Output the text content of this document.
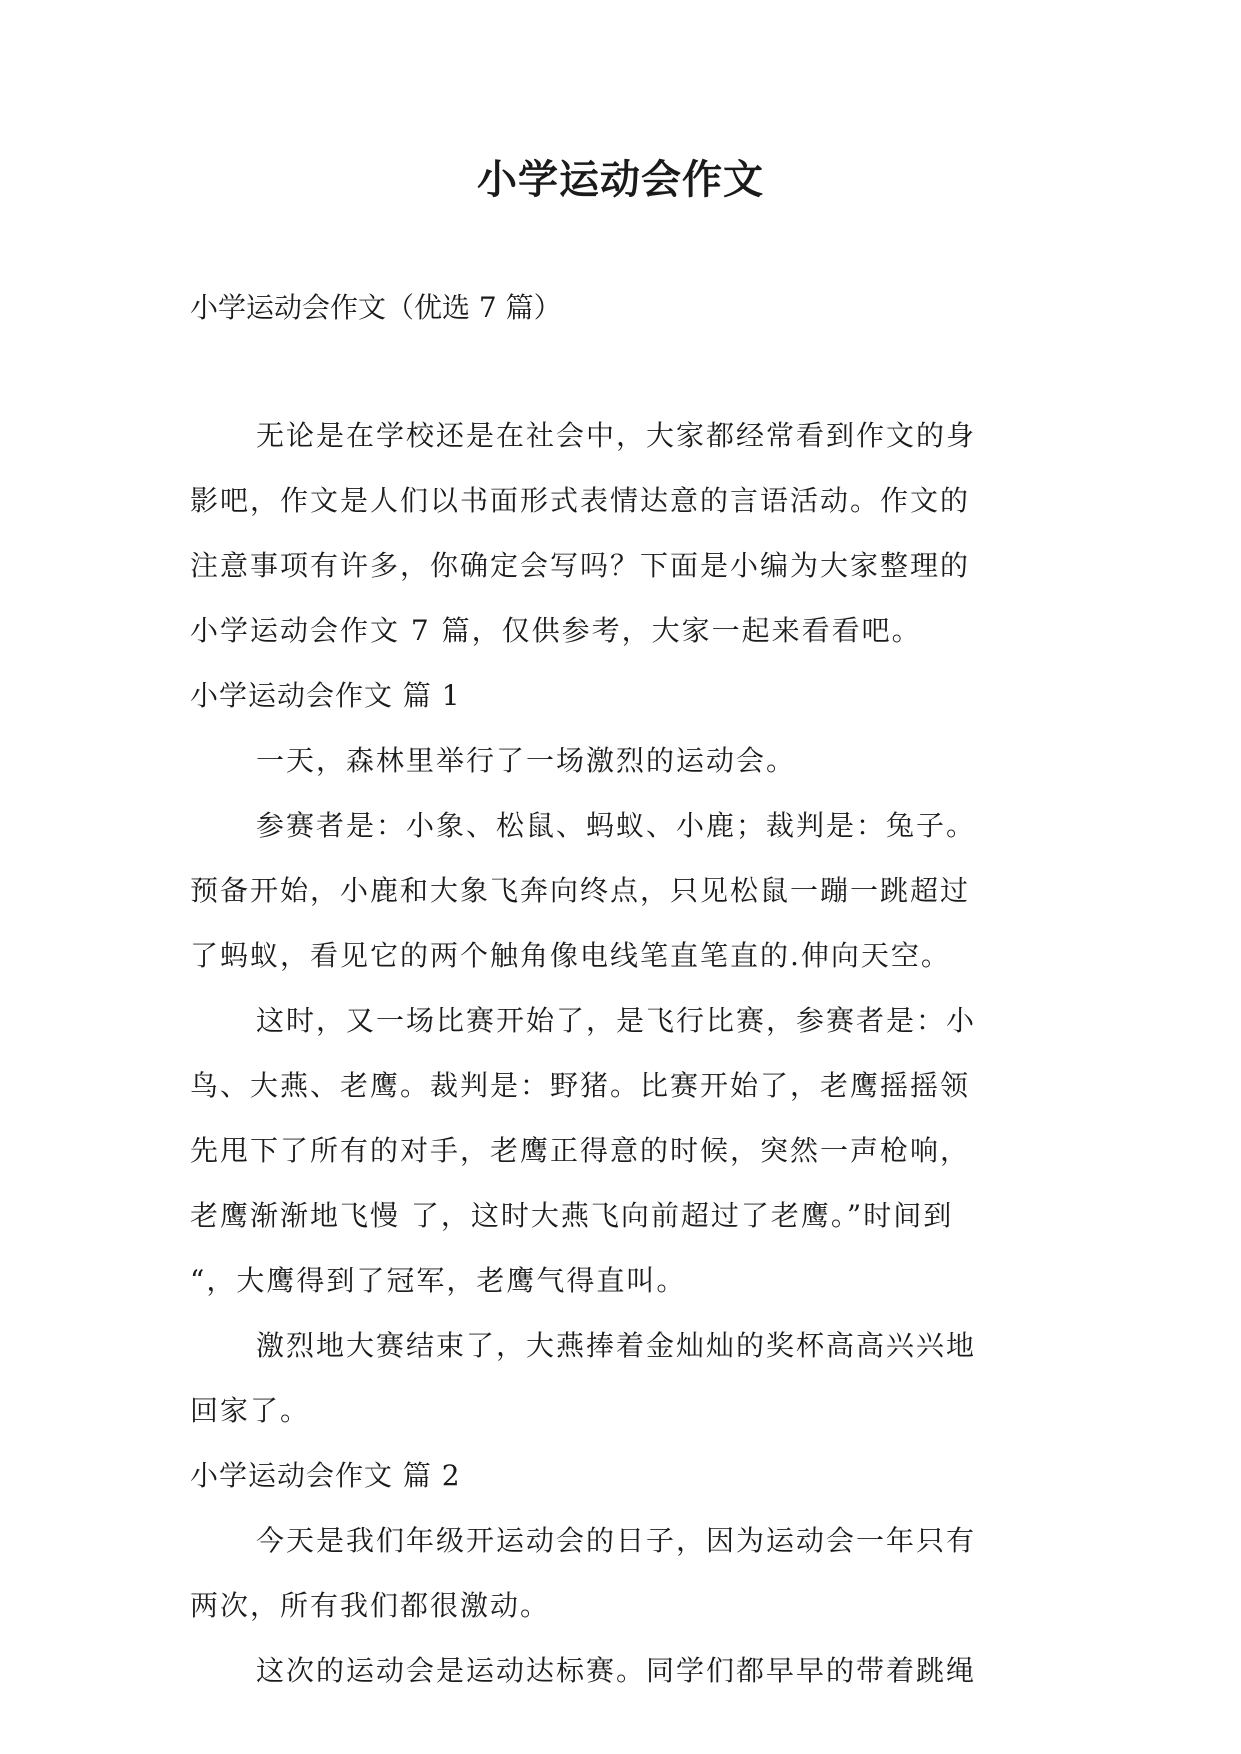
小学运动会作文

小学运动会作文（优选 7 篇）

无论是在学校还是在社会中，大家都经常看到作文的身
影吧，作文是人们以书面形式表情达意的言语活动。作文的
注意事项有许多，你确定会写吗？下面是小编为大家整理的
小学运动会作文 7 篇，仅供参考，大家一起来看看吧。
小学运动会作文 篇 1
一天，森林里举行了一场激烈的运动会。
参赛者是：小象、松鼠、蚂蚁、小鹿；裁判是：兔子。
预备开始，小鹿和大象飞奔向终点，只见松鼠一蹦一跳超过
了蚂蚁，看见它的两个触角像电线笔直笔直的.伸向天空。
这时，又一场比赛开始了，是飞行比赛，参赛者是：小
鸟、大燕、老鹰。裁判是：野猪。比赛开始了，老鹰摇摇领
先甩下了所有的对手，老鹰正得意的时候，突然一声枪响，
老鹰渐渐地飞慢 了，这时大燕飞向前超过了老鹰。”时间到
“，大鹰得到了冠军，老鹰气得直叫。
激烈地大赛结束了，大燕捧着金灿灿的奖杯高高兴兴地
回家了。
小学运动会作文 篇 2
今天是我们年级开运动会的日子，因为运动会一年只有
两次，所有我们都很激动。
这次的运动会是运动达标赛。同学们都早早的带着跳绳
